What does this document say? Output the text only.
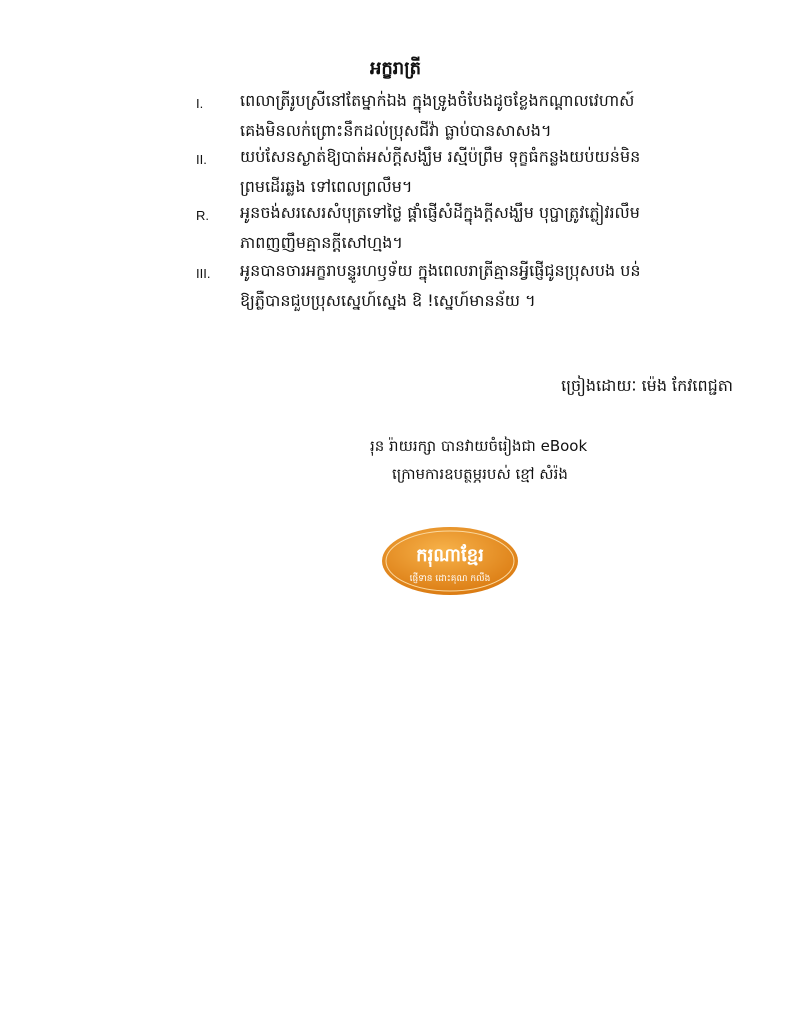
អក្ខរាត្រី
I. ពេលាត្រីរូបស្រីនៅតែម្នាក់ឯង ក្នុងទ្រូងចំបែងដូចខ្លែងកណ្ដាលវេហាស៍
គេងមិនលក់ព្រោះនឹកដល់ប្រុសជីវ៉ា ធ្លាប់បានសាសង។
II. យប់សែនស្ងាត់ឱ្យបាត់អស់ក្ដីសង្ឃឹម រស្មីប៉ព្រឹម ទុក្ខធំកន្លងយប់យន់មិន
ព្រមដើរឆ្លង ទៅពេលព្រលឹម។
R. អូនចង់សរសេរសំបុត្រទៅថ្លៃ ផ្ដាំផ្ញើសំដីក្នុងក្ដីសង្ឃឹម បុប្ផាត្រូវភ្លៀវរលឹម
ភាពញញឹមគ្មានក្ដីសៅហ្មង។
III. អូនបានចារអក្ខរាបន្ទូរហឫទ័យ ក្នុងពេលរាត្រីគ្មានអ្វីផ្ញើជូនប្រុសបង បន់
ឱ្យភ្លឺបានជួបប្រុសស្នេហ៍ស្នេង ឱ !ស្នេហ៍មានន័យ ។
ច្រៀងដោយៈ ម៉េង កែវពេជ្ជតា
រុន រ៉ាយរក្សា បានវាយចំរៀងជា eBook
ក្រោមការឧបត្ថម្ភរបស់ ខ្មៅ សំរ៉ង
ករុណាខ្មែរ
ផ្ញើទាន ដោះគុណ កលឹង
